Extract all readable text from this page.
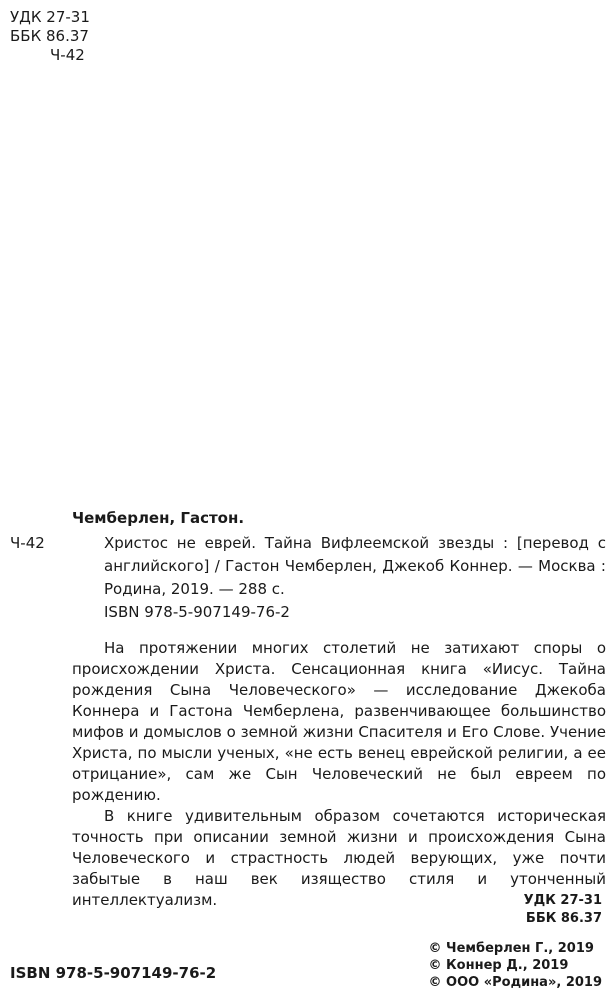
УДК 27-31
ББК 86.37
Ч-42
Чемберлен, Гастон.
Ч-42	Христос не еврей. Тайна Вифлеемской звезды : [перевод с английского] / Гастон Чемберлен, Джекоб Коннер. — Москва : Родина, 2019. — 288 с.
ISBN 978-5-907149-76-2

На протяжении многих столетий не затихают споры о происхождении Христа. Сенсационная книга «Иисус. Тайна рождения Сына Человеческого» — исследование Джекоба Коннера и Гастона Чемберлена, развенчивающее большинство мифов и домыслов о земной жизни Спасителя и Его Слове. Учение Христа, по мысли ученых, «не есть венец еврейской религии, а ее отрицание», сам же Сын Человеческий не был евреем по рождению.

В книге удивительным образом сочетаются историческая точность при описании земной жизни и происхождения Сына Человеческого и страстность людей верующих, уже почти забытые в наш век изящество стиля и утонченный интеллектуализм.	УДК 27-31
ББК 86.37
© Чемберлен Г., 2019
© Коннер Д., 2019
© ООО «Родина», 2019
ISBN 978-5-907149-76-2
